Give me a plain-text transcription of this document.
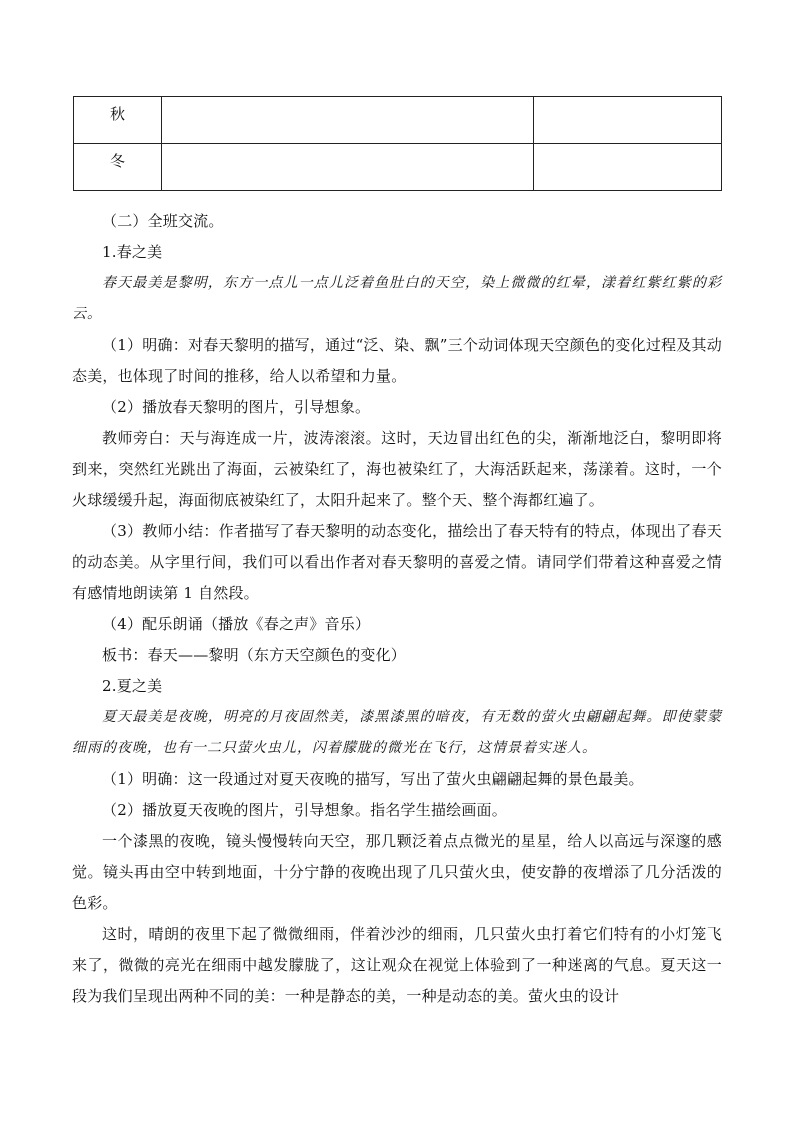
秋		
冬		

（二）全班交流。

1.春之美

春天最美是黎明，东方一点儿一点儿泛着鱼肚白的天空，染上微微的红晕，漾着红紫红紫的彩云。

（1）明确：对春天黎明的描写，通过“泛、染、飘”三个动词体现天空颜色的变化过程及其动态美，也体现了时间的推移，给人以希望和力量。

（2）播放春天黎明的图片，引导想象。

教师旁白：天与海连成一片，波涛滚滚。这时，天边冒出红色的尖，渐渐地泛白，黎明即将到来，突然红光跳出了海面，云被染红了，海也被染红了，大海活跃起来，荡漾着。这时，一个火球缓缓升起，海面彻底被染红了，太阳升起来了。整个天、整个海都红遍了。

（3）教师小结：作者描写了春天黎明的动态变化，描绘出了春天特有的特点，体现出了春天的动态美。从字里行间，我们可以看出作者对春天黎明的喜爱之情。请同学们带着这种喜爱之情有感情地朗读第 1 自然段。

（4）配乐朗诵（播放《春之声》音乐）

板书：春天——黎明（东方天空颜色的变化）

2.夏之美

夏天最美是夜晚，明亮的月夜固然美，漆黑漆黑的暗夜，有无数的萤火虫翩翩起舞。即使蒙蒙细雨的夜晚，也有一二只萤火虫儿，闪着朦胧的微光在飞行，这情景着实迷人。

（1）明确：这一段通过对夏天夜晚的描写，写出了萤火虫翩翩起舞的景色最美。

（2）播放夏天夜晚的图片，引导想象。指名学生描绘画面。

一个漆黑的夜晚，镜头慢慢转向天空，那几颗泛着点点微光的星星，给人以高远与深邃的感觉。镜头再由空中转到地面，十分宁静的夜晚出现了几只萤火虫，使安静的夜增添了几分活泼的色彩。

这时，晴朗的夜里下起了微微细雨，伴着沙沙的细雨，几只萤火虫打着它们特有的小灯笼飞来了，微微的亮光在细雨中越发朦胧了，这让观众在视觉上体验到了一种迷离的气息。夏天这一段为我们呈现出两种不同的美：一种是静态的美，一种是动态的美。萤火虫的设计
